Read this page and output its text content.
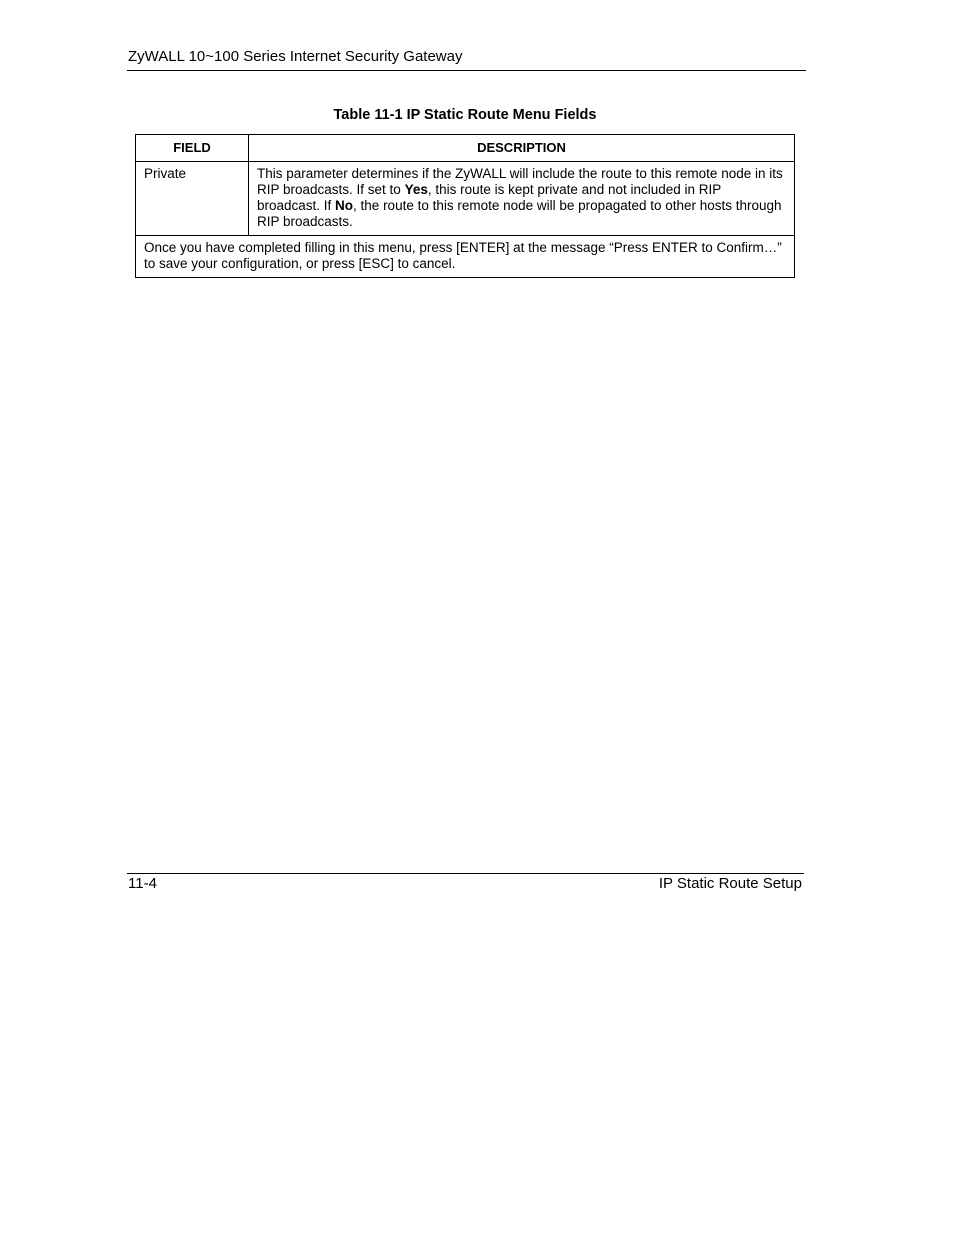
ZyWALL 10~100 Series Internet Security Gateway
Table 11-1 IP Static Route Menu Fields
FIELD	DESCRIPTION
Private	This parameter determines if the ZyWALL will include the route to this remote node in its RIP broadcasts. If set to Yes, this route is kept private and not included in RIP broadcast. If No, the route to this remote node will be propagated to other hosts through RIP broadcasts.
Once you have completed filling in this menu, press [ENTER] at the message “Press ENTER to Confirm…” to save your configuration, or press [ESC] to cancel.	
11-4	IP Static Route Setup
